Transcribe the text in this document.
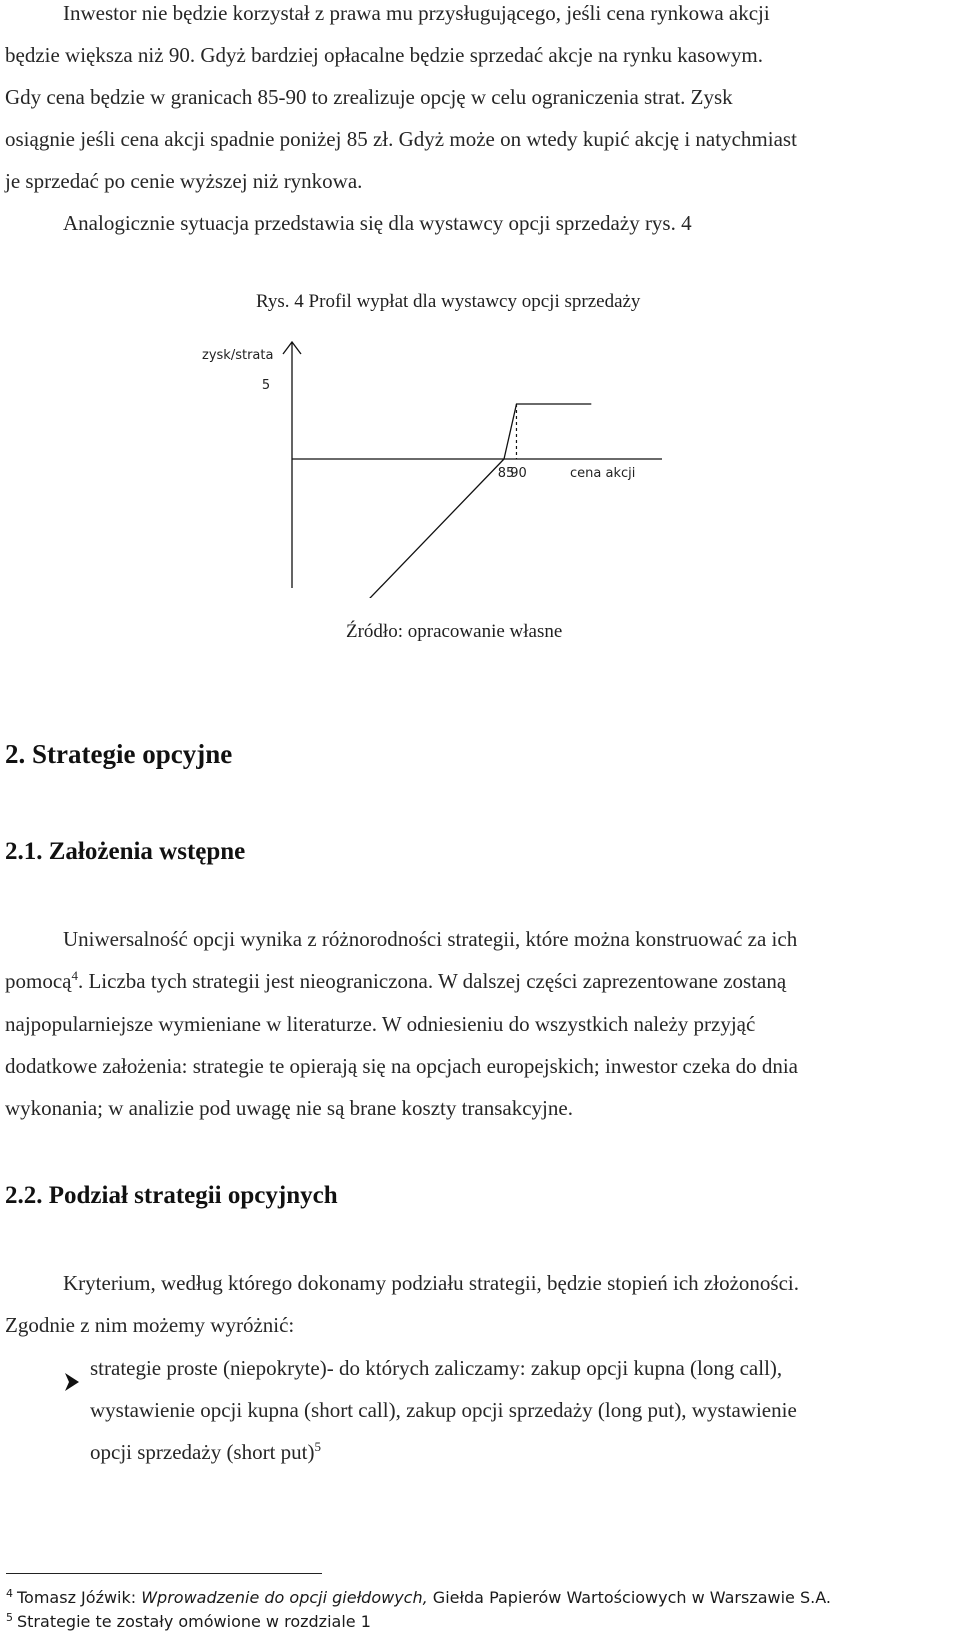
Inwestor nie będzie korzystał z prawa mu przysługującego, jeśli cena rynkowa akcji
będzie większa niż 90. Gdyż bardziej opłacalne będzie sprzedać akcje na rynku kasowym.
Gdy cena będzie w granicach 85-90 to zrealizuje opcję w celu ograniczenia strat. Zysk
osiągnie jeśli cena akcji spadnie poniżej 85 zł. Gdyż może on wtedy kupić akcję i natychmiast
je sprzedać po cenie wyższej niż rynkowa.
Analogicznie sytuacja przedstawia się dla wystawcy opcji sprzedaży rys. 4
Rys. 4 Profil wypłat dla wystawcy opcji sprzedaży
zysk/strata
cena akcji
85
90
5
Źródło: opracowanie własne
2. Strategie opcyjne
2.1. Założenia wstępne
Uniwersalność opcji wynika z różnorodności strategii, które można konstruować za ich
pomocą$^4$. Liczba tych strategii jest nieograniczona. W dalszej części zaprezentowane zostaną
najpopularniejsze wymieniane w literaturze. W odniesieniu do wszystkich należy przyjąć
dodatkowe założenia: strategie te opierają się na opcjach europejskich; inwestor czeka do dnia
wykonania; w analizie pod uwagę nie są brane koszty transakcyjne.
2.2. Podział strategii opcyjnych
Kryterium, według którego dokonamy podziału strategii, będzie stopień ich złożoności.
Zgodnie z nim możemy wyróżnić:
strategie proste (niepokryte)- do których zaliczamy: zakup opcji kupna (long call),
wystawienie opcji kupna (short call), zakup opcji sprzedaży (long put), wystawienie
opcji sprzedaży (short put)$^5$
$^4$ Tomasz Jóźwik: Wprowadzenie do opcji giełdowych, Giełda Papierów Wartościowych w Warszawie S.A.
$^5$ Strategie te zostały omówione w rozdziale 1
